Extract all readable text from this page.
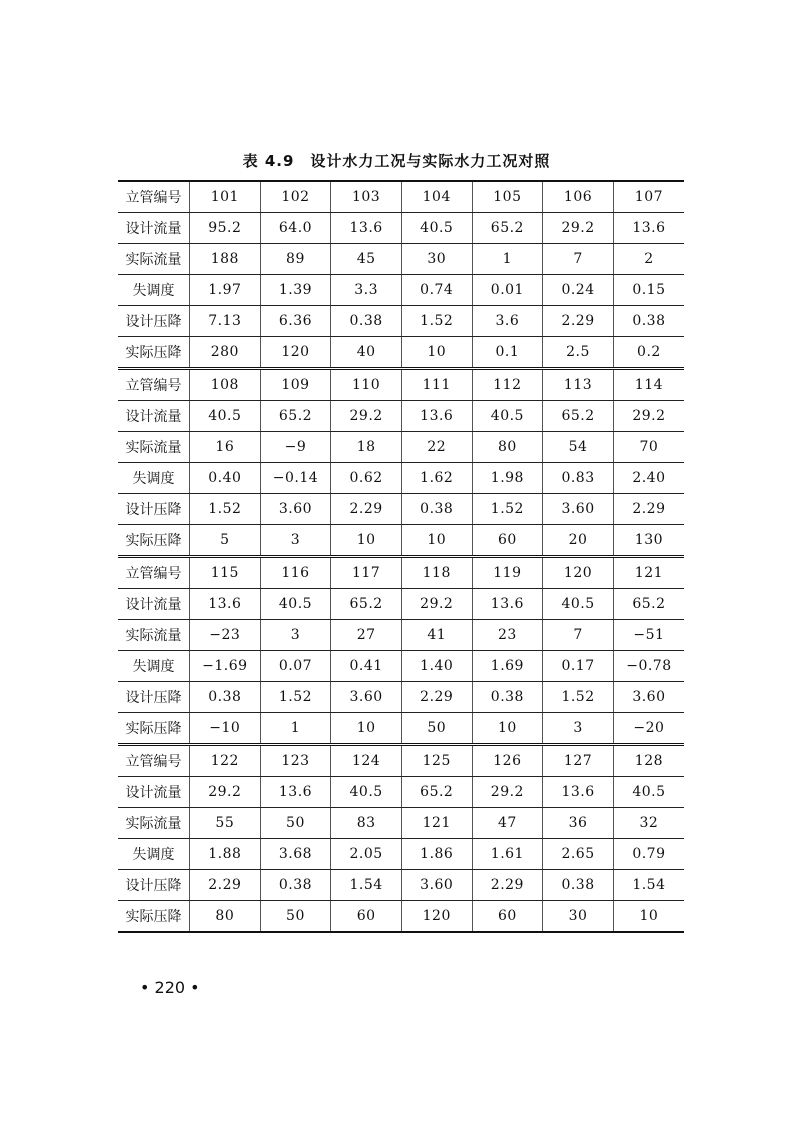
表 4.9 设计水力工况与实际水力工况对照
立管编号	101	102	103	104	105	106	107
设计流量	95.2	64.0	13.6	40.5	65.2	29.2	13.6
实际流量	188	89	45	30	1	7	2
失调度	1.97	1.39	3.3	0.74	0.01	0.24	0.15
设计压降	7.13	6.36	0.38	1.52	3.6	2.29	0.38
实际压降	280	120	40	10	0.1	2.5	0.2
立管编号	108	109	110	111	112	113	114
设计流量	40.5	65.2	29.2	13.6	40.5	65.2	29.2
实际流量	16	−9	18	22	80	54	70
失调度	0.40	−0.14	0.62	1.62	1.98	0.83	2.40
设计压降	1.52	3.60	2.29	0.38	1.52	3.60	2.29
实际压降	5	3	10	10	60	20	130
立管编号	115	116	117	118	119	120	121
设计流量	13.6	40.5	65.2	29.2	13.6	40.5	65.2
实际流量	−23	3	27	41	23	7	−51
失调度	−1.69	0.07	0.41	1.40	1.69	0.17	−0.78
设计压降	0.38	1.52	3.60	2.29	0.38	1.52	3.60
实际压降	−10	1	10	50	10	3	−20
立管编号	122	123	124	125	126	127	128
设计流量	29.2	13.6	40.5	65.2	29.2	13.6	40.5
实际流量	55	50	83	121	47	36	32
失调度	1.88	3.68	2.05	1.86	1.61	2.65	0.79
设计压降	2.29	0.38	1.54	3.60	2.29	0.38	1.54
实际压降	80	50	60	120	60	30	10
• 220 •
